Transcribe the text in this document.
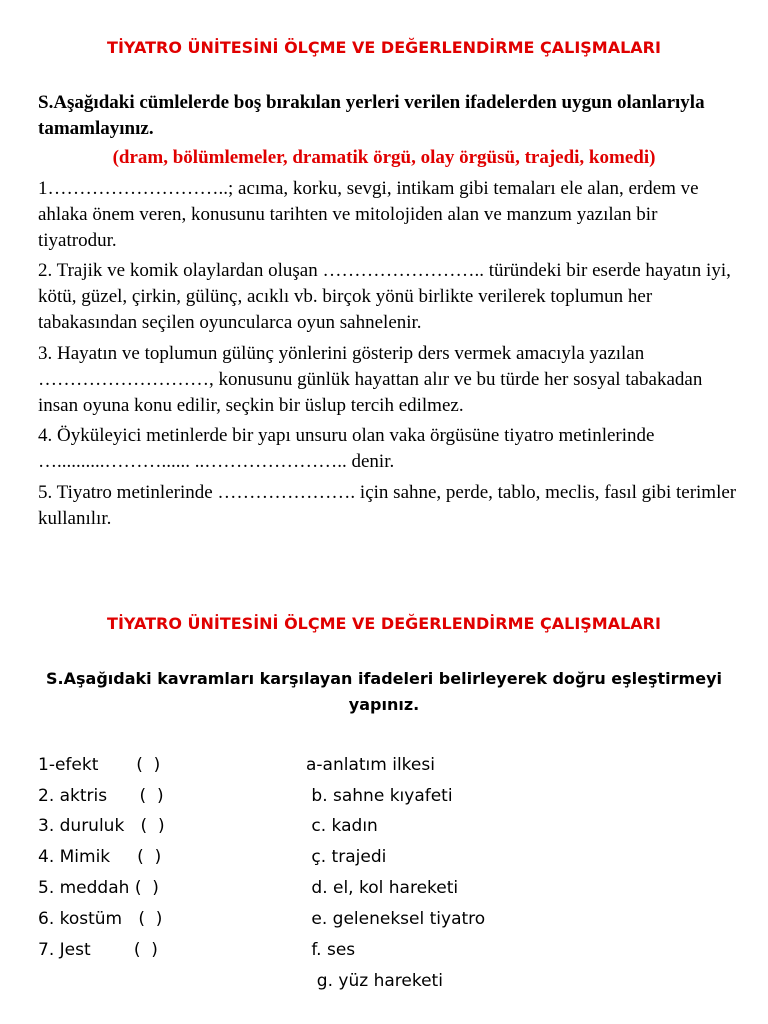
TİYATRO ÜNİTESİNİ ÖLÇME VE DEĞERLENDİRME ÇALIŞMALARI
S.Aşağıdaki cümlelerde boş bırakılan yerleri verilen ifadelerden uygun olanlarıyla tamamlayınız.
(dram, bölümlemeler, dramatik örgü, olay örgüsü, trajedi, komedi)
1………………………..; acıma, korku, sevgi, intikam gibi temaları ele alan, erdem ve ahlaka önem veren, konusunu tarihten ve mitolojiden alan ve manzum yazılan bir tiyatrodur.
2. Trajik ve komik olaylardan oluşan …………………….. türündeki bir eserde hayatın iyi, kötü, güzel, çirkin, gülünç, acıklı vb. birçok yönü birlikte verilerek toplumun her tabakasından seçilen oyuncularca oyun sahnelenir.
3. Hayatın ve toplumun gülünç yönlerini gösterip ders vermek amacıyla yazılan ………………………, konusunu günlük hayattan alır ve bu türde her sosyal tabakadan insan oyuna konu edilir, seçkin bir üslup tercih edilmez.
4. Öyküleyici metinlerde bir yapı unsuru olan vaka örgüsüne tiyatro metinlerinde …..........………...... ..………………….. denir.
5. Tiyatro metinlerinde …………………. için sahne, perde, tablo, meclis, fasıl gibi terimler kullanılır.
TİYATRO ÜNİTESİNİ ÖLÇME VE DEĞERLENDİRME ÇALIŞMALARI
S.Aşağıdaki kavramları karşılayan ifadeleri belirleyerek doğru eşleştirmeyi yapınız.
1-efekt       (  )
2. aktris      (  )
3. duruluk   (  )
4. Mimik     (  )
5. meddah (  )
6. kostüm   (  )
7. Jest        (  )
a-anlatım ilkesi
b. sahne kıyafeti
c. kadın
ç. trajedi
d. el, kol hareketi
e. geleneksel tiyatro
f. ses
g. yüz hareketi
